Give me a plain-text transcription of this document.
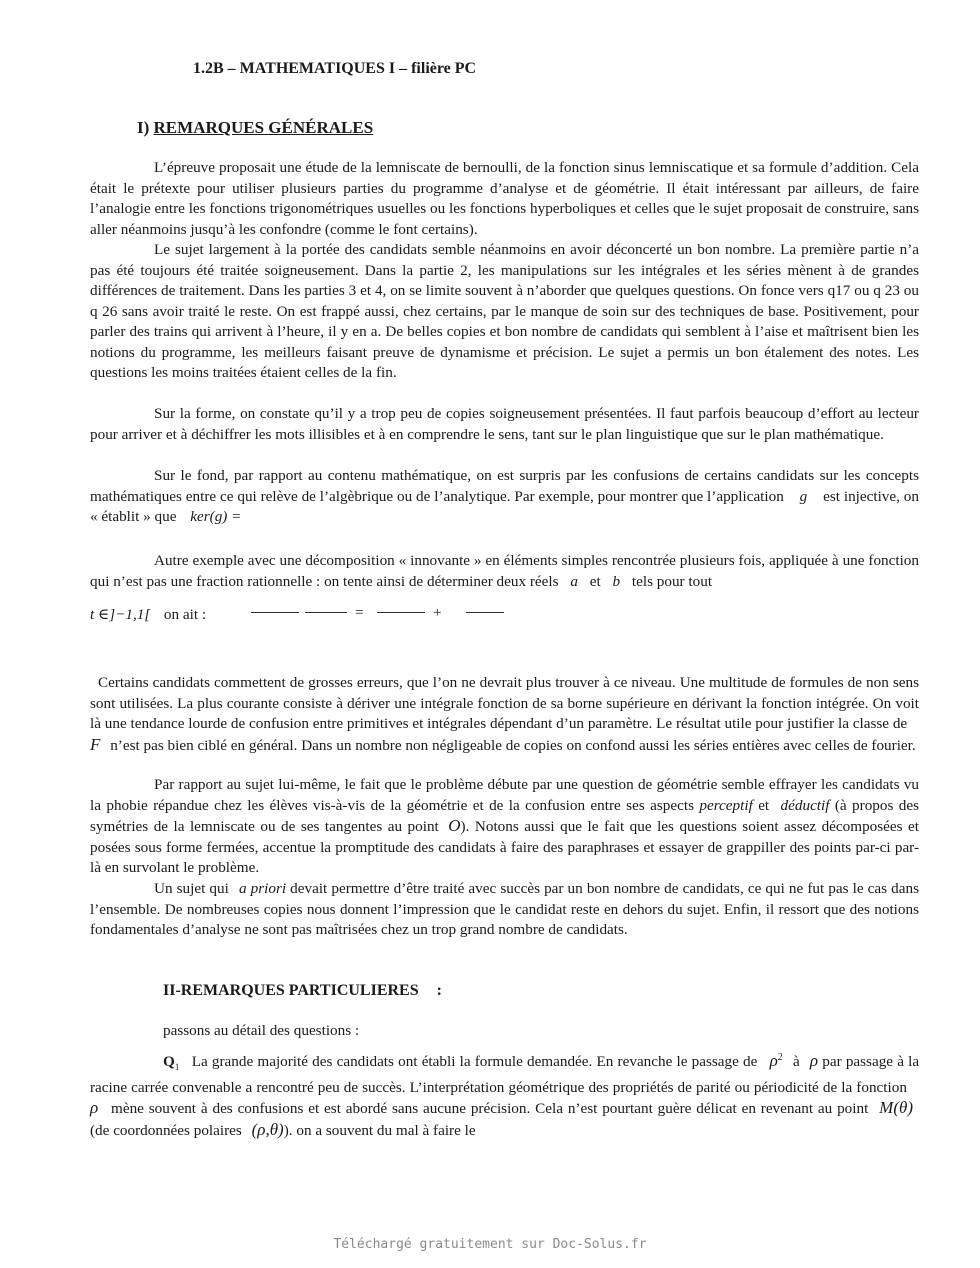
1.2B – MATHEMATIQUES I – filière PC
I) REMARQUES GÉNÉRALES
L’épreuve proposait une étude de la lemniscate de bernoulli, de la fonction sinus lemniscatique et sa formule d’addition. Cela était le prétexte pour utiliser plusieurs parties du programme d’analyse et de géométrie. Il était intéressant par ailleurs, de faire l’analogie entre les fonctions trigonométriques usuelles ou les fonctions hyperboliques et celles que le sujet proposait de construire, sans aller néanmoins jusqu’à les confondre (comme le font certains).
Le sujet largement à la portée des candidats semble néanmoins en avoir déconcerté un bon nombre. La première partie n’a pas été toujours été traitée soigneusement. Dans la partie 2, les manipulations sur les intégrales et les séries mènent à de grandes différences de traitement. Dans les parties 3 et 4, on se limite souvent à n’aborder que quelques questions. On fonce vers q17 ou q 23 ou q 26 sans avoir traité le reste. On est frappé aussi, chez certains, par le manque de soin sur des techniques de base. Positivement, pour parler des trains qui arrivent à l’heure, il y en a. De belles copies et bon nombre de candidats qui semblent à l’aise et maîtrisent bien les notions du programme, les meilleurs faisant preuve de dynamisme et précision. Le sujet a permis un bon étalement des notes. Les questions les moins traitées étaient celles de la fin.
Sur la forme, on constate qu’il y a trop peu de copies soigneusement présentées. Il faut parfois beaucoup d’effort au lecteur pour arriver et à déchiffrer les mots illisibles et à en comprendre le sens, tant sur le plan linguistique que sur le plan mathématique.
Sur le fond, par rapport au contenu mathématique, on est surpris par les confusions de certains candidats sur les concepts mathématiques entre ce qui relève de l’algèbrique ou de l’analytique. Par exemple, pour montrer que l’application g est injective, on « établit » que ker(g) =
Autre exemple avec une décomposition « innovante » en éléments simples rencontrée plusieurs fois, appliquée à une fonction qui n’est pas une fraction rationnelle : on tente ainsi de déterminer deux réels a et b tels pour tout
t ∈]−1,1[ on ait :	=	+
Certains candidats commettent de grosses erreurs, que l’on ne devrait plus trouver à ce niveau. Une multitude de formules de non sens sont utilisées. La plus courante consiste à dériver une intégrale fonction de sa borne supérieure en dérivant la fonction intégrée. On voit là une tendance lourde de confusion entre primitives et intégrales dépendant d’un paramètre. Le résultat utile pour justifier la classe de F n’est pas bien ciblé en général. Dans un nombre non négligeable de copies on confond aussi les séries entières avec celles de fourier.
Par rapport au sujet lui-même, le fait que le problème débute par une question de géométrie semble effrayer les candidats vu la phobie répandue chez les élèves vis-à-vis de la géométrie et de la confusion entre ses aspects perceptif et déductif (à propos des symétries de la lemniscate ou de ses tangentes au point O). Notons aussi que le fait que les questions soient assez décomposées et posées sous forme fermées, accentue la promptitude des candidats à faire des paraphrases et essayer de grappiller des points par-ci par-là en survolant le problème.
Un sujet qui a priori devait permettre d’être traité avec succès par un bon nombre de candidats, ce qui ne fut pas le cas dans l’ensemble. De nombreuses copies nous donnent l’impression que le candidat reste en dehors du sujet. Enfin, il ressort que des notions fondamentales d’analyse ne sont pas maîtrisées chez un trop grand nombre de candidats.
II-REMARQUES PARTICULIERES :
passons au détail des questions :
$Q_1$ La grande majorité des candidats ont établi la formule demandée. En revanche le passage de $\rho^2$ à ρ par passage à la racine carrée convenable a rencontré peu de succès. L’interprétation géométrique des propriétés de parité ou périodicité de la fonction ρ mène souvent à des confusions et est abordé sans aucune précision. Cela n’est pourtant guère délicat en revenant au point M(θ) (de coordonnées polaires (ρ,θ)). on a souvent du mal à faire le
Téléchargé gratuitement sur Doc-Solus.fr
